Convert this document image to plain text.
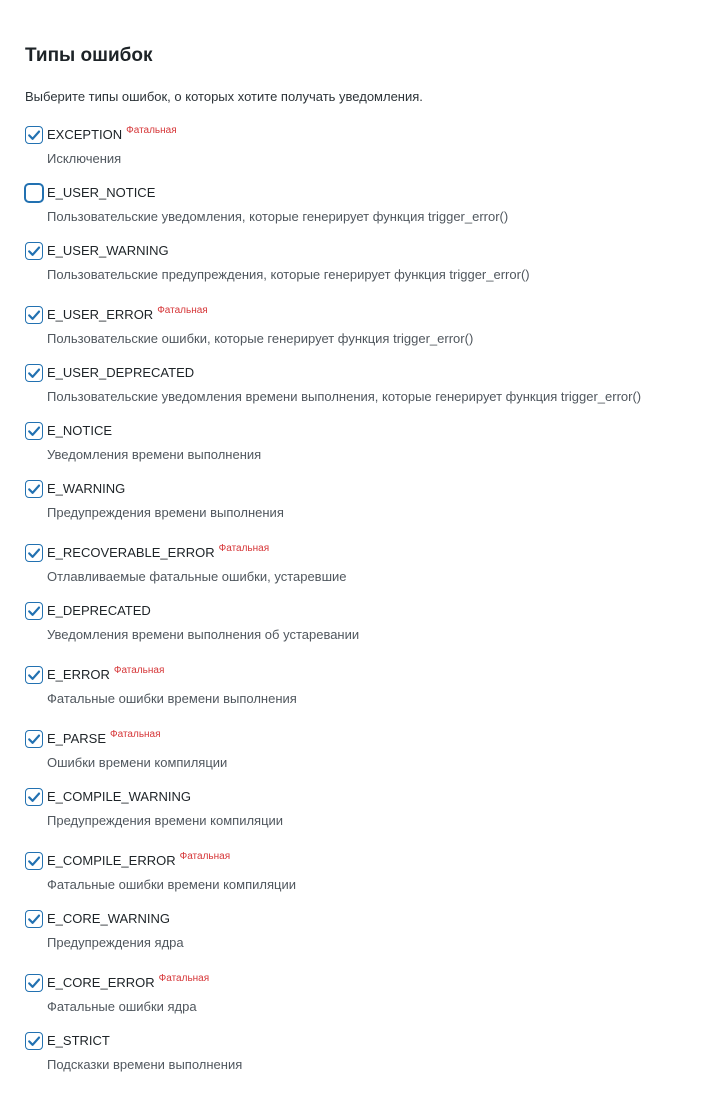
Типы ошибок

Выберите типы ошибок, о которых хотите получать уведомления.

EXCEPTION $^{Фатальная}$
Исключения
E_USER_NOTICE
Пользовательские уведомления, которые генерирует функция trigger_error()
E_USER_WARNING
Пользовательские предупреждения, которые генерирует функция trigger_error()
E_USER_ERROR $^{Фатальная}$
Пользовательские ошибки, которые генерирует функция trigger_error()
E_USER_DEPRECATED
Пользовательские уведомления времени выполнения, которые генерирует функция trigger_error()
E_NOTICE
Уведомления времени выполнения
E_WARNING
Предупреждения времени выполнения
E_RECOVERABLE_ERROR $^{Фатальная}$
Отлавливаемые фатальные ошибки, устаревшие
E_DEPRECATED
Уведомления времени выполнения об устаревании
E_ERROR $^{Фатальная}$
Фатальные ошибки времени выполнения
E_PARSE $^{Фатальная}$
Ошибки времени компиляции
E_COMPILE_WARNING
Предупреждения времени компиляции
E_COMPILE_ERROR $^{Фатальная}$
Фатальные ошибки времени компиляции
E_CORE_WARNING
Предупреждения ядра
E_CORE_ERROR $^{Фатальная}$
Фатальные ошибки ядра
E_STRICT
Подсказки времени выполнения
